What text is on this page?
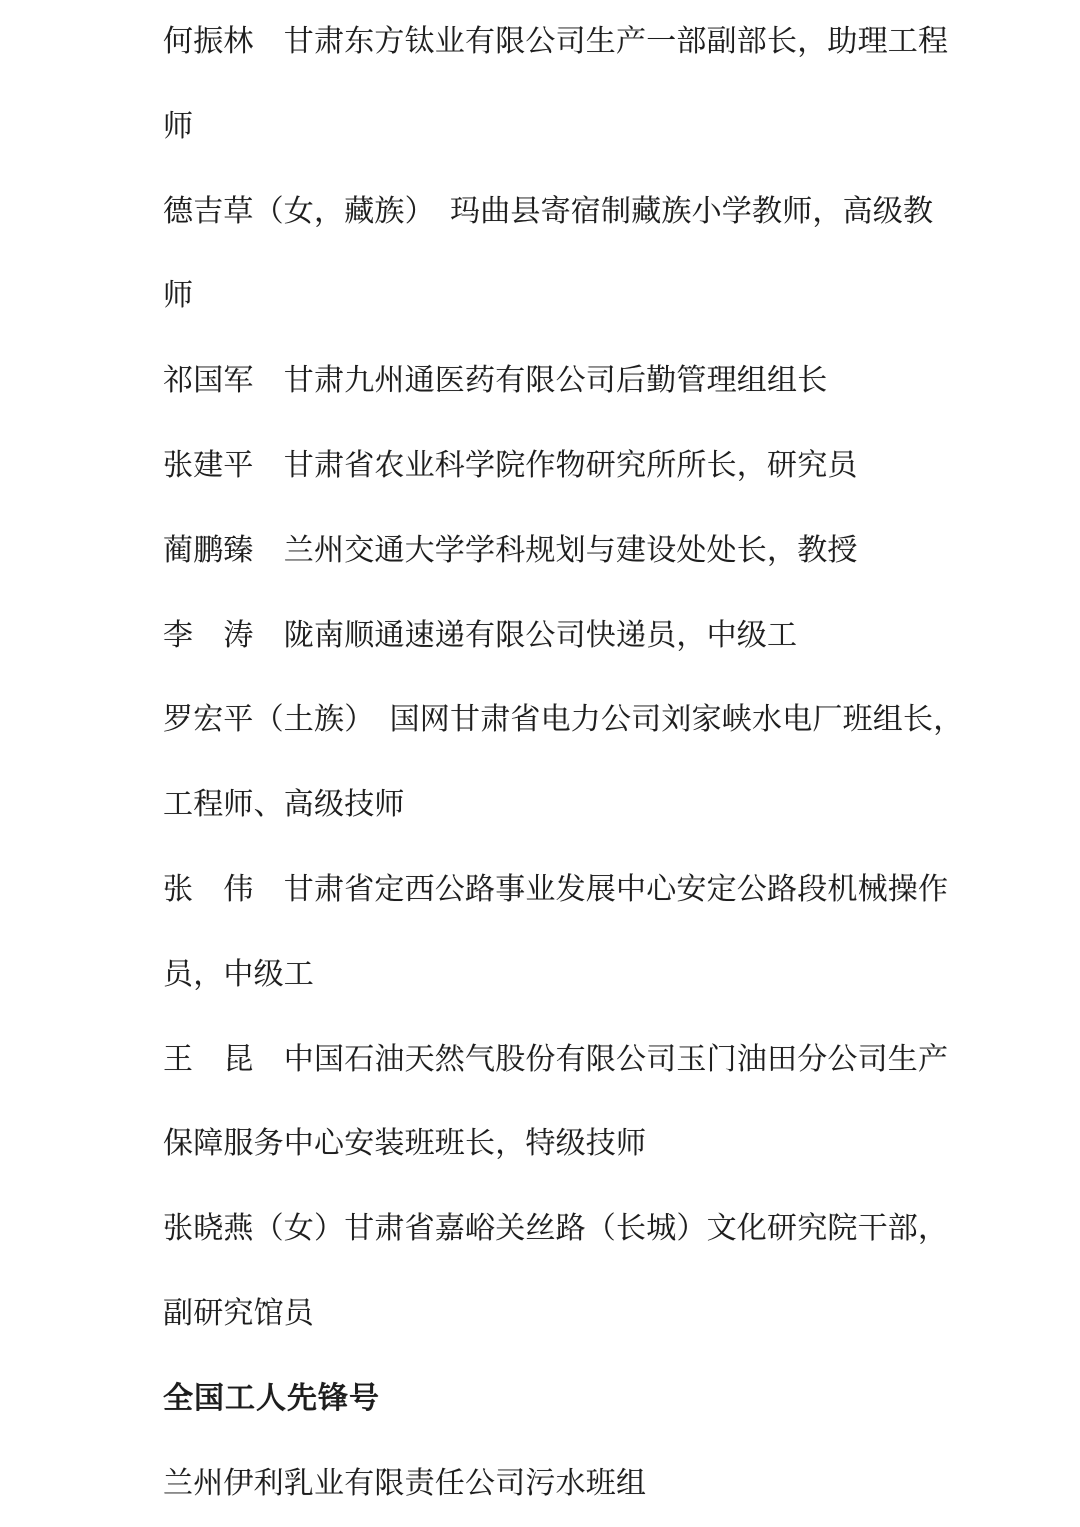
何振林　甘肃东方钛业有限公司生产一部副部长，助理工程
师
德吉草（女，藏族）　玛曲县寄宿制藏族小学教师，高级教
师
祁国军　甘肃九州通医药有限公司后勤管理组组长
张建平　甘肃省农业科学院作物研究所所长，研究员
蔺鹏臻　兰州交通大学学科规划与建设处处长，教授
李　涛　陇南顺通速递有限公司快递员，中级工
罗宏平（土族）　国网甘肃省电力公司刘家峡水电厂班组长，
工程师、高级技师
张　伟　甘肃省定西公路事业发展中心安定公路段机械操作
员，中级工
王　昆　中国石油天然气股份有限公司玉门油田分公司生产
保障服务中心安装班班长，特级技师
张晓燕（女）甘肃省嘉峪关丝路（长城）文化研究院干部，
副研究馆员
全国工人先锋号
兰州伊利乳业有限责任公司污水班组
